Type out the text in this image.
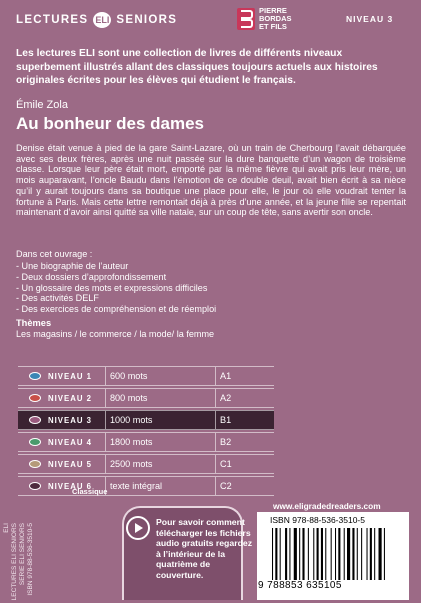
LECTURES ELI SENIORS
PIERRE
BORDAS
ET FILS
NIVEAU 3
Les lectures ELI sont une collection de livres de différents niveaux superbement illustrés allant des classiques toujours actuels aux histoires originales écrites pour les élèves qui étudient le français.
Émile Zola
Au bonheur des dames
Denise était venue à pied de la gare Saint-Lazare, où un train de Cherbourg l’avait débarquée avec ses deux frères, après une nuit passée sur la dure banquette d’un wagon de troisième classe. Lorsque leur père était mort, emporté par la même fièvre qui avait pris leur mère, un mois auparavant, l’oncle Baudu dans l’émotion de ce double deuil, avait bien écrit à sa nièce qu’il y aurait toujours dans sa boutique une place pour elle, le jour où elle voudrait tenter la fortune à Paris. Mais cette lettre remontait déjà à près d’une année, et la jeune fille se repentait maintenant d’avoir ainsi quitté sa ville natale, sur un coup de tête, sans avertir son oncle.
Dans cet ouvrage :
- Une biographie de l’auteur
- Deux dossiers d’approfondissement
- Un glossaire des mots et expressions difficiles
- Des activités DELF
- Des exercices de compréhension et de réemploi
Thèmes
Les magasins / le commerce / la mode/ la femme
NIVEAU 1	600 mots	A1
NIVEAU 2	800 mots	A2
NIVEAU 3	1000 mots	B1
NIVEAU 4	1800 mots	B2
NIVEAU 5	2500 mots	C1
NIVEAU 6	texte intégral	C2
Classique
www.eligradedreaders.com
Pour savoir comment télécharger les fichiers audio gratuits regardez à l’intérieur de la quatrième de couverture.
ISBN 978-88-536-3510-5
9 788853 635105
ELI LECTURES ELI SENIORS SERIE ELI SENIORS ISBN 978-88-536-3510-5
